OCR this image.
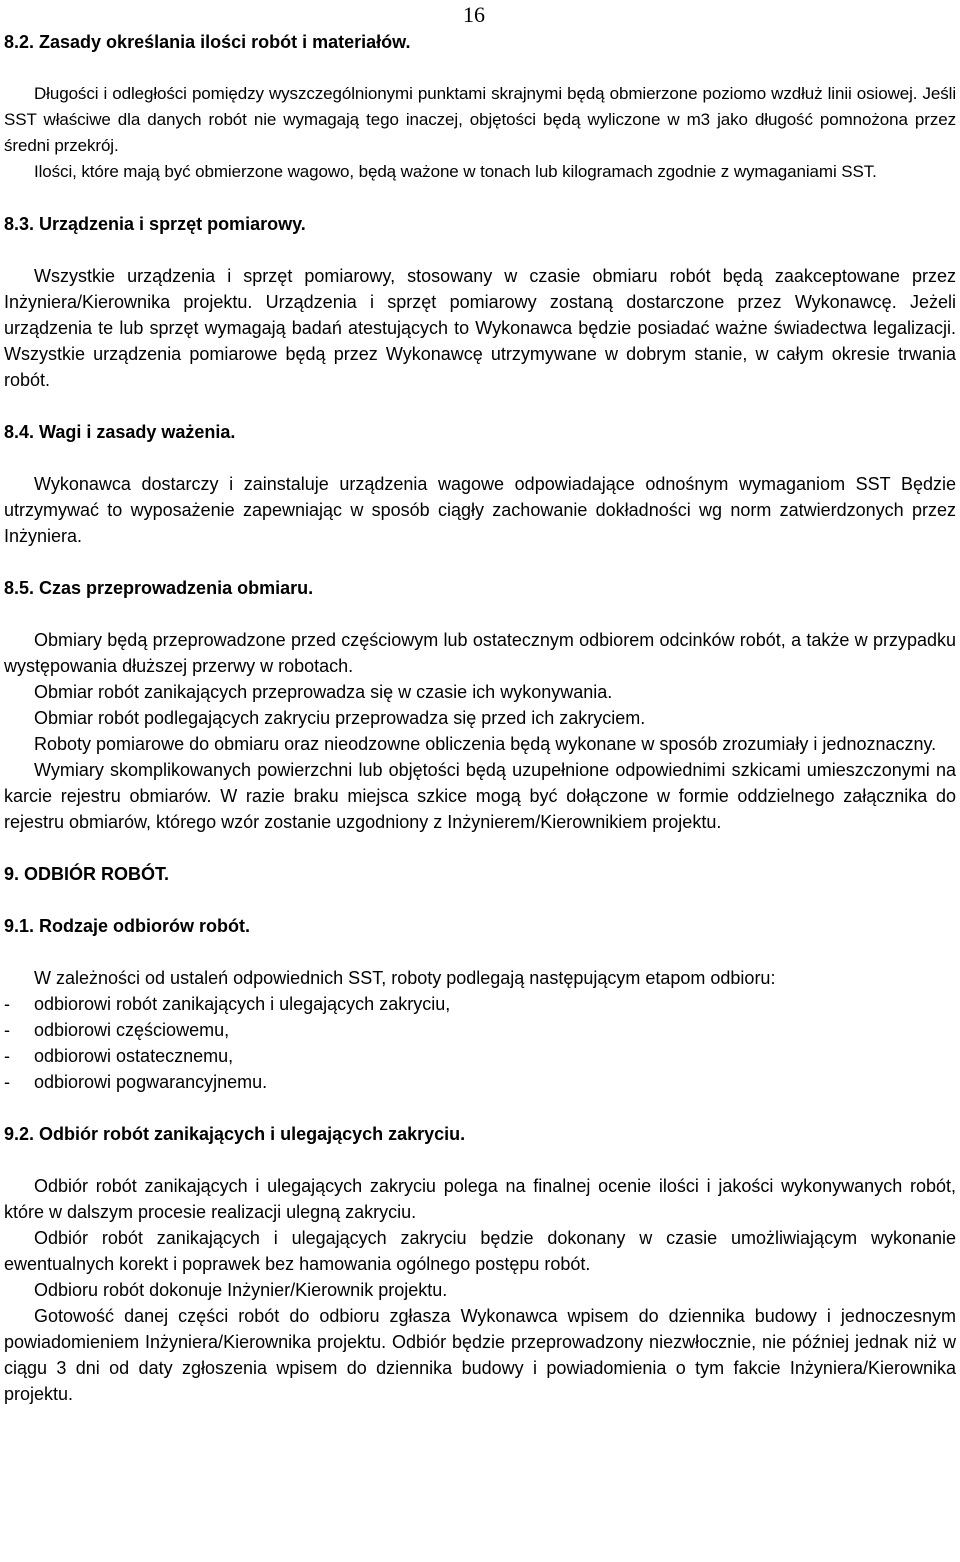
16

8.2. Zasady określania ilości robót i materiałów.

Długości i odległości pomiędzy wyszczególnionymi punktami skrajnymi będą obmierzone poziomo wzdłuż linii osiowej. Jeśli SST właściwe dla danych robót nie wymagają tego inaczej, objętości będą wyliczone w m3 jako długość pomnożona przez średni przekrój.

Ilości, które mają być obmierzone wagowo, będą ważone w tonach lub kilogramach zgodnie z wymaganiami SST.

8.3. Urządzenia i sprzęt pomiarowy.

Wszystkie urządzenia i sprzęt pomiarowy, stosowany w czasie obmiaru robót będą zaakceptowane przez Inżyniera/Kierownika projektu. Urządzenia i sprzęt pomiarowy zostaną dostarczone przez Wykonawcę. Jeżeli urządzenia te lub sprzęt wymagają badań atestujących to Wykonawca będzie posiadać ważne świadectwa legalizacji. Wszystkie urządzenia pomiarowe będą przez Wykonawcę utrzymywane w dobrym stanie, w całym okresie trwania robót.

8.4. Wagi i zasady ważenia.

Wykonawca dostarczy i zainstaluje urządzenia wagowe odpowiadające odnośnym wymaganiom SST Będzie utrzymywać to wyposażenie zapewniając w sposób ciągły zachowanie dokładności wg norm zatwierdzonych przez Inżyniera.

8.5. Czas przeprowadzenia obmiaru.

Obmiary będą przeprowadzone przed częściowym lub ostatecznym odbiorem odcinków robót, a także w przypadku występowania dłuższej przerwy w robotach.

Obmiar robót zanikających przeprowadza się w czasie ich wykonywania.

Obmiar robót podlegających zakryciu przeprowadza się przed ich zakryciem.

Roboty pomiarowe do obmiaru oraz nieodzowne obliczenia będą wykonane w sposób zrozumiały i jednoznaczny.

Wymiary skomplikowanych powierzchni lub objętości będą uzupełnione odpowiednimi szkicami umieszczonymi na karcie rejestru obmiarów. W razie braku miejsca szkice mogą być dołączone w formie oddzielnego załącznika do rejestru obmiarów, którego wzór zostanie uzgodniony z Inżynierem/Kierownikiem projektu.

9. ODBIÓR ROBÓT.

9.1. Rodzaje odbiorów robót.

W zależności od ustaleń odpowiednich SST, roboty podlegają następującym etapom odbioru:

-	odbiorowi robót zanikających i ulegających zakryciu,
-	odbiorowi częściowemu,
-	odbiorowi ostatecznemu,
-	odbiorowi pogwarancyjnemu.

9.2. Odbiór robót zanikających i ulegających zakryciu.

Odbiór robót zanikających i ulegających zakryciu polega na finalnej ocenie ilości i jakości wykonywanych robót, które w dalszym procesie realizacji ulegną zakryciu.

Odbiór robót zanikających i ulegających zakryciu będzie dokonany w czasie umożliwiającym wykonanie ewentualnych korekt i poprawek bez hamowania ogólnego postępu robót.

Odbioru robót dokonuje Inżynier/Kierownik projektu.

Gotowość danej części robót do odbioru zgłasza Wykonawca wpisem do dziennika budowy i jednoczesnym powiadomieniem Inżyniera/Kierownika projektu. Odbiór będzie przeprowadzony niezwłocznie, nie później jednak niż w ciągu 3 dni od daty zgłoszenia wpisem do dziennika budowy i powiadomienia o tym fakcie Inżyniera/Kierownika projektu.
